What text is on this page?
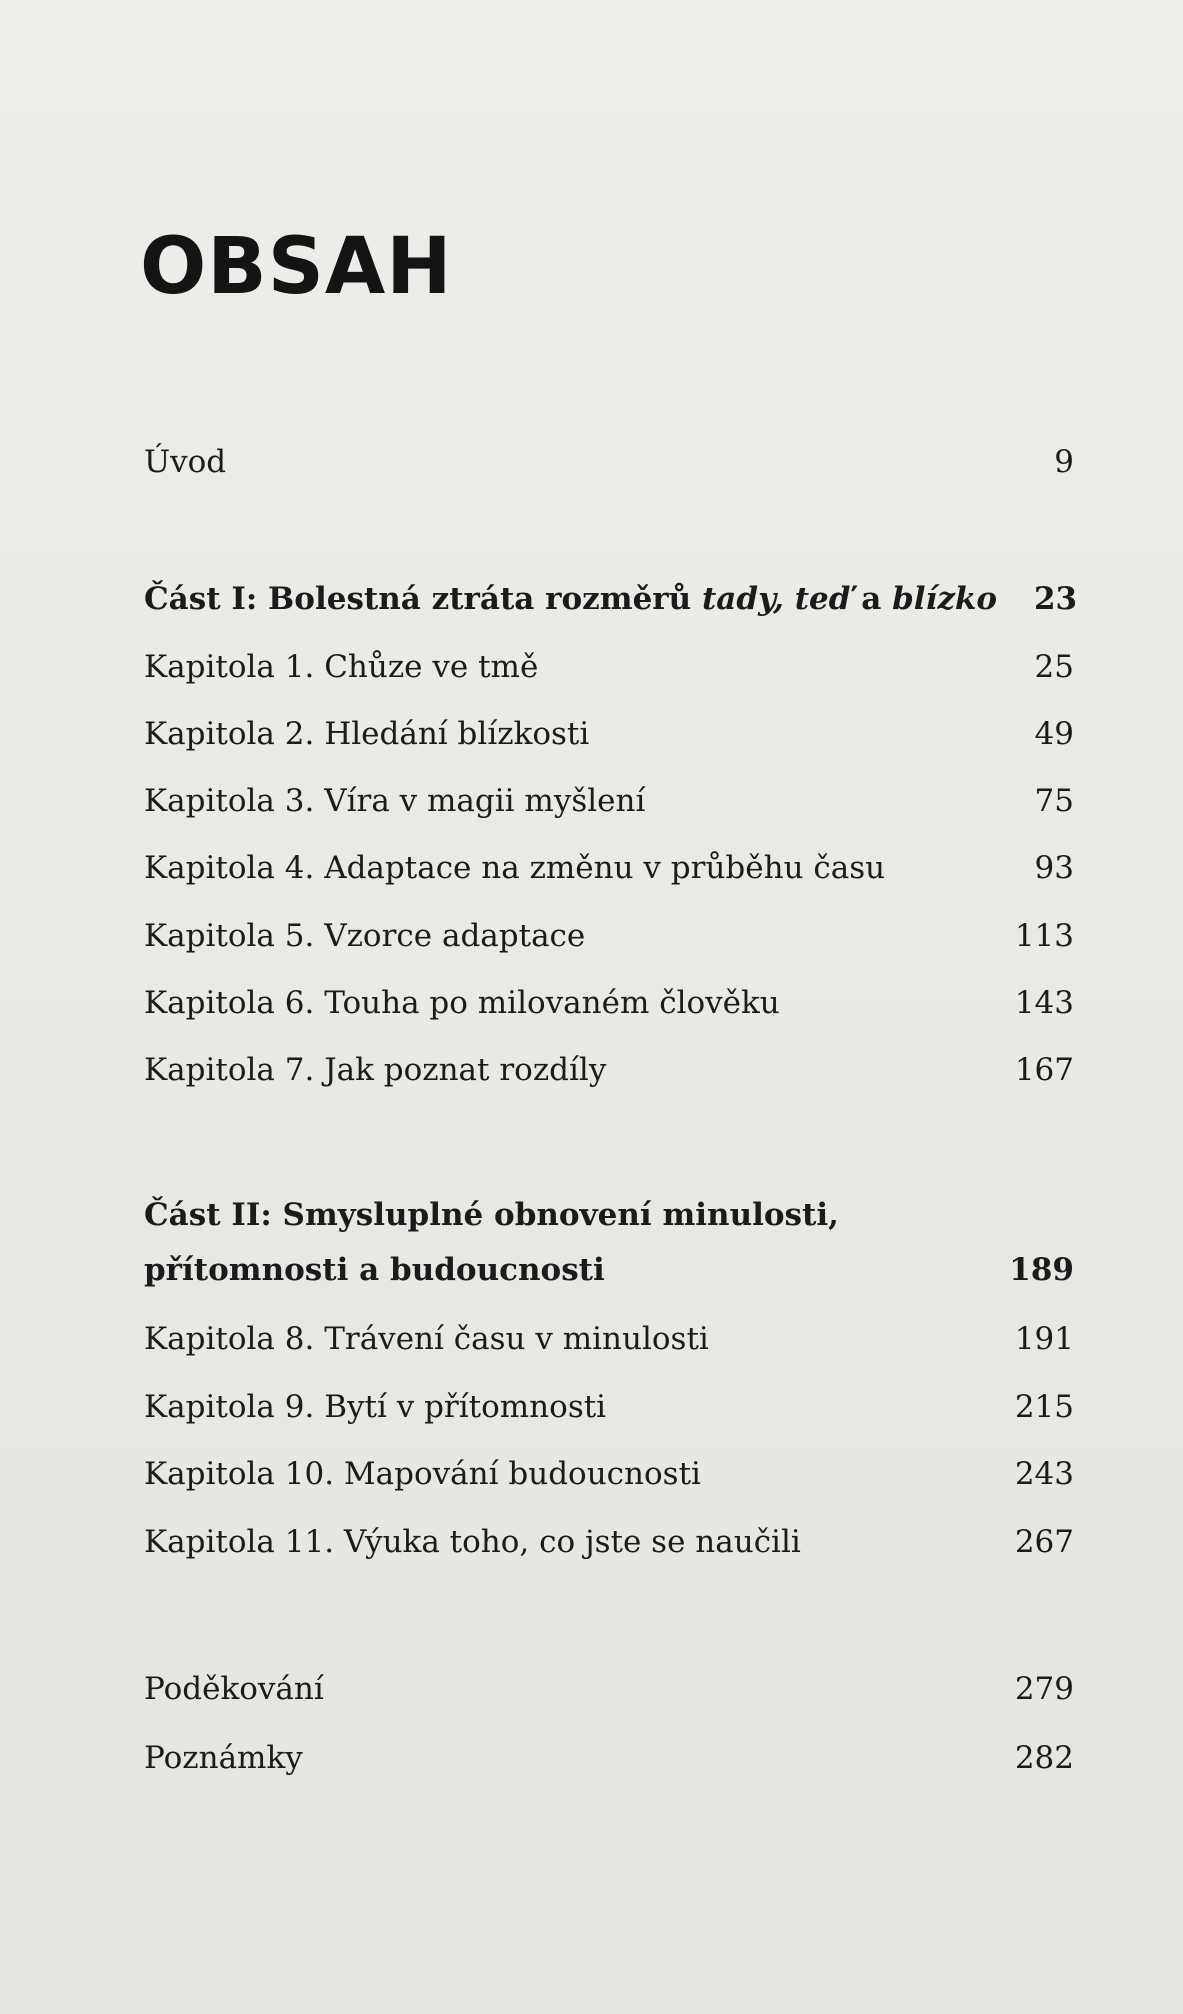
OBSAH
Úvod	9
Část I: Bolestná ztráta rozměrů tady, teď a blízko	23
Kapitola 1. Chůze ve tmě	25
Kapitola 2. Hledání blízkosti	49
Kapitola 3. Víra v magii myšlení	75
Kapitola 4. Adaptace na změnu v průběhu času	93
Kapitola 5. Vzorce adaptace	113
Kapitola 6. Touha po milovaném člověku	143
Kapitola 7. Jak poznat rozdíly	167
Část II: Smysluplné obnovení minulosti,
přítomnosti a budoucnosti	189
Kapitola 8. Trávení času v minulosti	191
Kapitola 9. Bytí v přítomnosti	215
Kapitola 10. Mapování budoucnosti	243
Kapitola 11. Výuka toho, co jste se naučili	267
Poděkování	279
Poznámky	282
